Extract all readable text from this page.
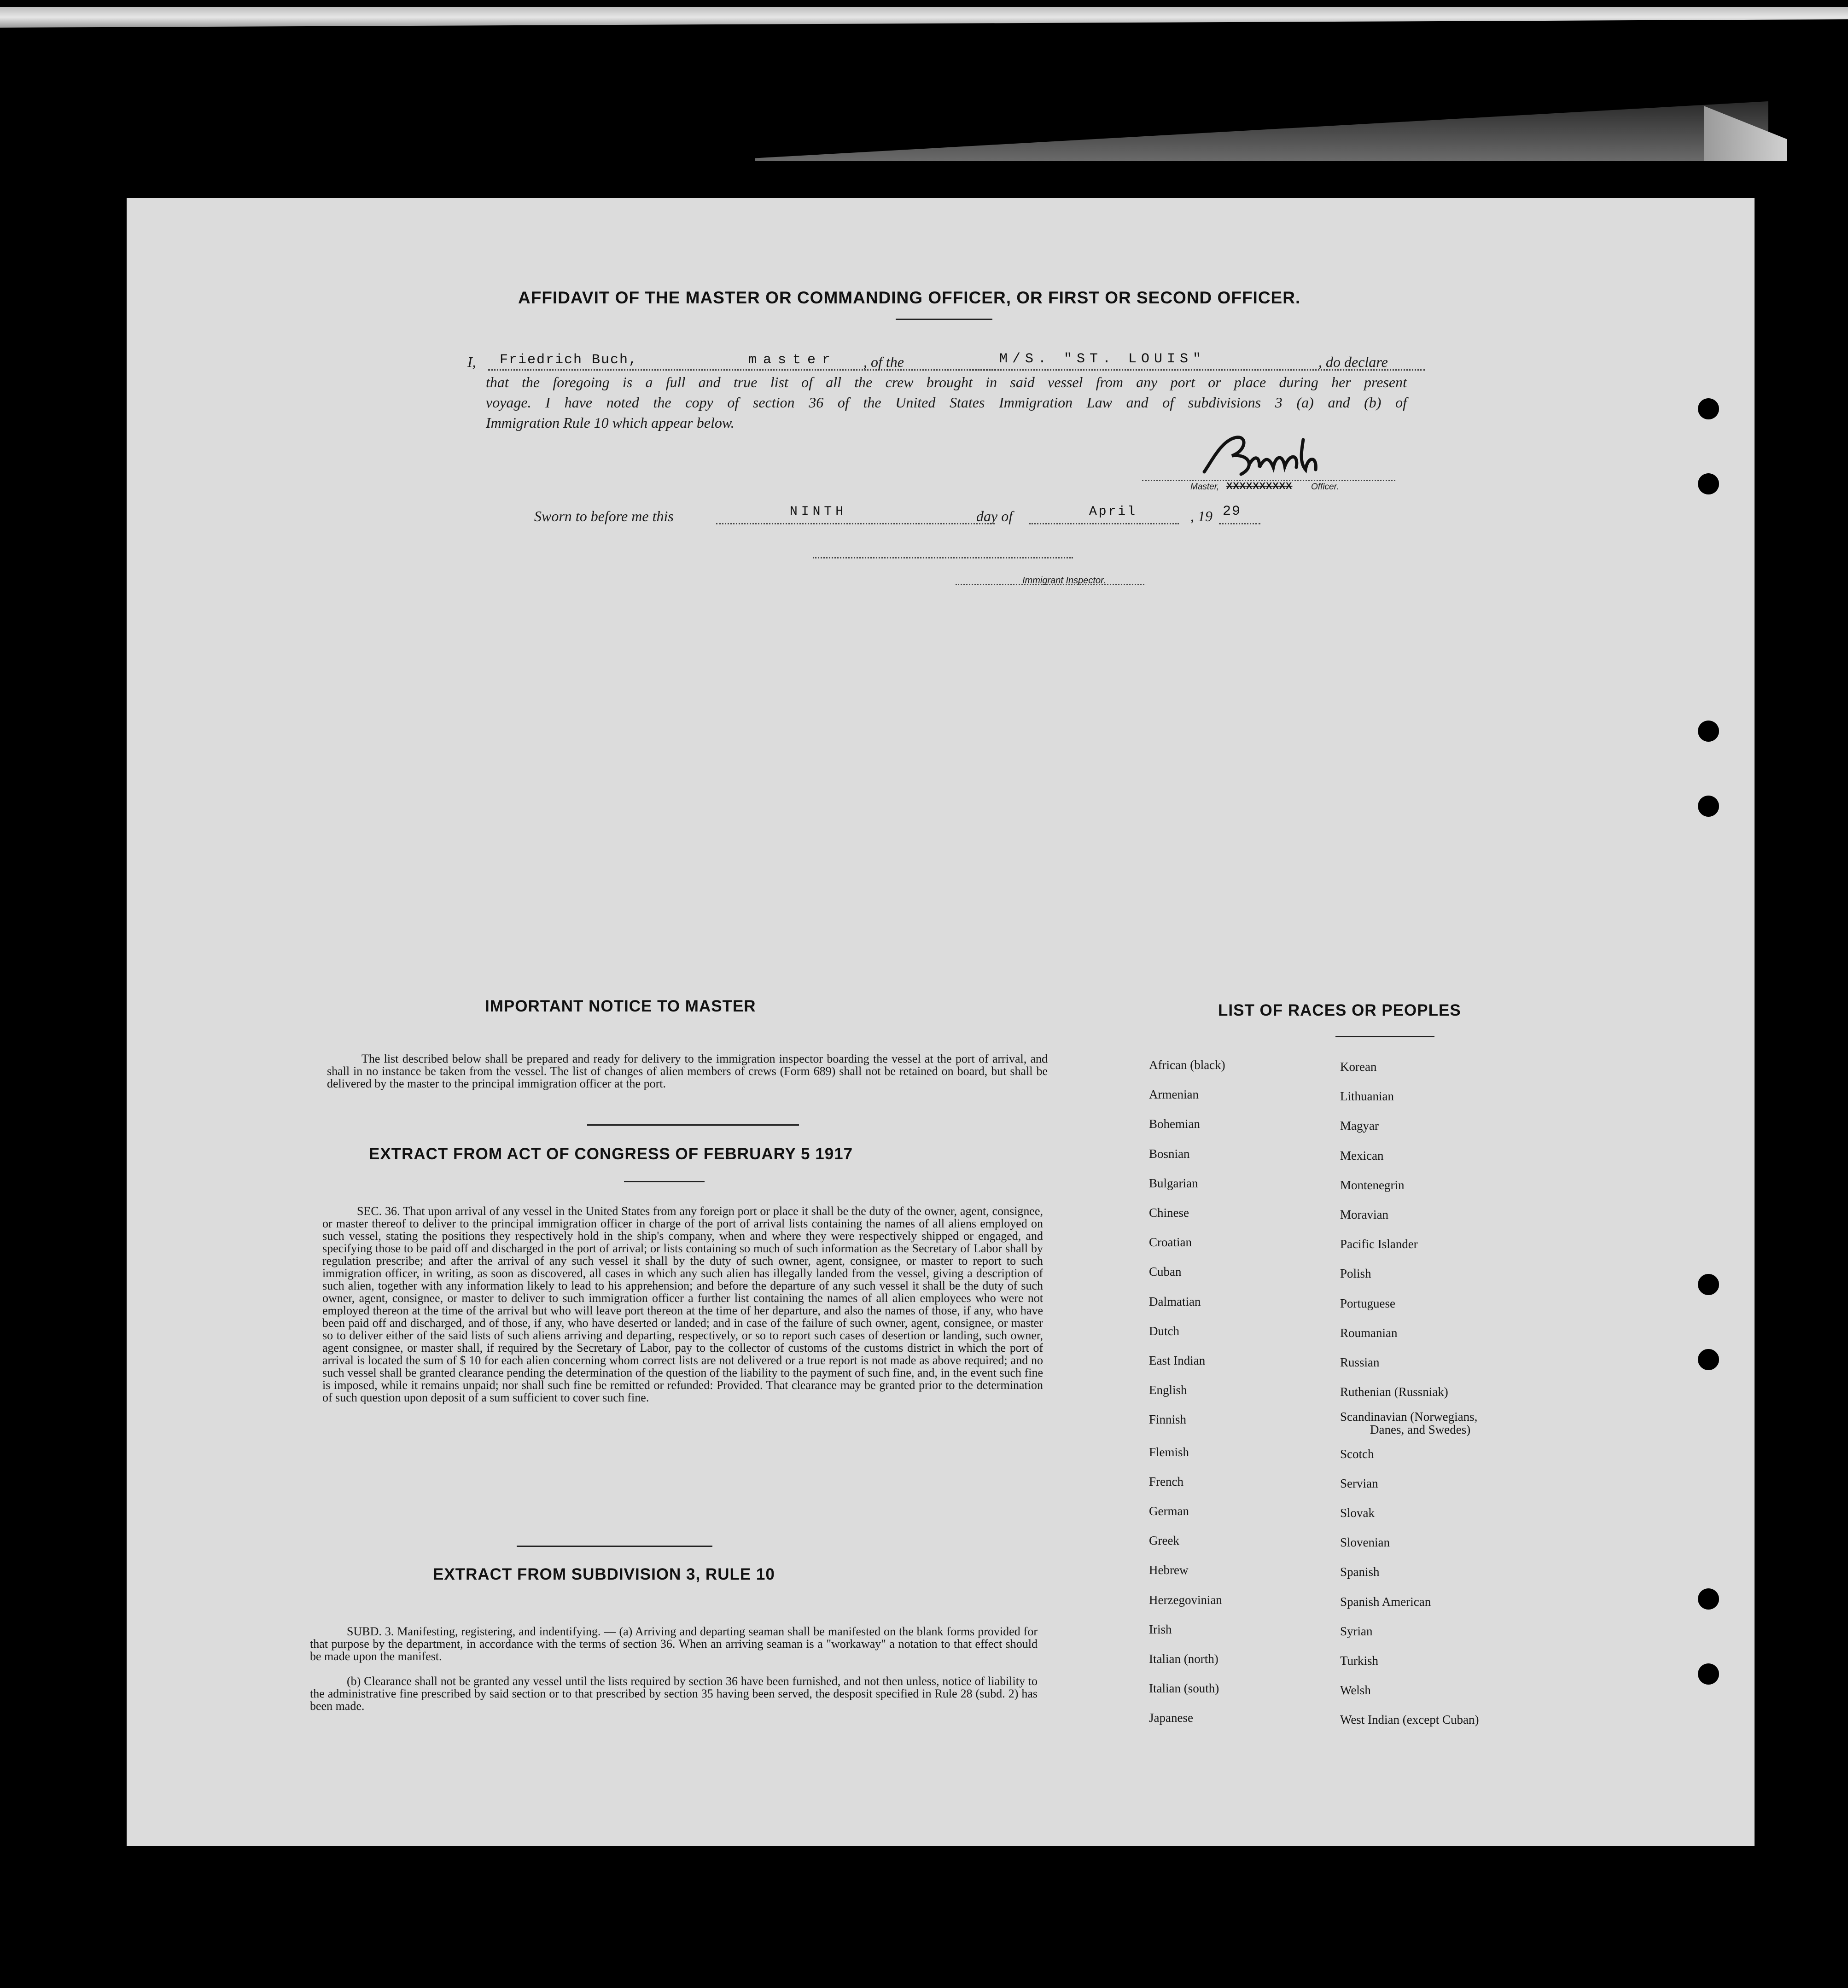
AFFIDAVIT OF THE MASTER OR COMMANDING OFFICER, OR FIRST OR SECOND OFFICER.
I, Friedrich Buch,	master , of the	M/S. "ST. LOUIS"	, do declare
that the foregoing is a full and true list of all the crew brought in said vessel from any port or place during her present
voyage. I have noted the copy of section 36 of the United States Immigration Law and of subdivisions 3 (a) and (b) of
Immigration Rule 10 which appear below.
Master, XXXXXXXXXX Officer.
Sworn to before me this	NINTH	day of	April	, 19 29
Immigrant Inspector.
IMPORTANT NOTICE TO MASTER
The list described below shall be prepared and ready for delivery to the immigration inspector boarding the vessel at the port of arrival, and shall in no instance be taken from the vessel. The list of changes of alien members of crews (Form 689) shall not be retained on board, but shall be delivered by the master to the principal immigration officer at the port.
EXTRACT FROM ACT OF CONGRESS OF FEBRUARY 5 1917
SEC. 36. That upon arrival of any vessel in the United States from any foreign port or place it shall be the duty of the owner, agent, consignee, or master thereof to deliver to the principal immigration officer in charge of the port of arrival lists containing the names of all aliens employed on such vessel, stating the positions they respectively hold in the ship's company, when and where they were respectively shipped or engaged, and specifying those to be paid off and discharged in the port of arrival; or lists containing so much of such information as the Secretary of Labor shall by regulation prescribe; and after the arrival of any such vessel it shall by the duty of such owner, agent, consignee, or master to report to such immigration officer, in writing, as soon as discovered, all cases in which any such alien has illegally landed from the vessel, giving a description of such alien, together with any information likely to lead to his apprehension; and before the departure of any such vessel it shall be the duty of such owner, agent, consignee, or master to deliver to such immigration officer a further list containing the names of all alien employees who were not employed thereon at the time of the arrival but who will leave port thereon at the time of her departure, and also the names of those, if any, who have been paid off and discharged, and of those, if any, who have deserted or landed; and in case of the failure of such owner, agent, consignee, or master so to deliver either of the said lists of such aliens arriving and departing, respectively, or so to report such cases of desertion or landing, such owner, agent consignee, or master shall, if required by the Secretary of Labor, pay to the collector of customs of the customs district in which the port of arrival is located the sum of $ 10 for each alien concerning whom correct lists are not delivered or a true report is not made as above required; and no such vessel shall be granted clearance pending the determination of the question of the liability to the payment of such fine, and, in the event such fine is imposed, while it remains unpaid; nor shall such fine be remitted or refunded: Provided. That clearance may be granted prior to the determination of such question upon deposit of a sum sufficient to cover such fine.
EXTRACT FROM SUBDIVISION 3, RULE 10
SUBD. 3. Manifesting, registering, and indentifying. — (a) Arriving and departing seaman shall be manifested on the blank forms provided for that purpose by the department, in accordance with the terms of section 36. When an arriving seaman is a "workaway" a notation to that effect should be made upon the manifest.
(b) Clearance shall not be granted any vessel until the lists required by section 36 have been furnished, and not then unless, notice of liability to the administrative fine prescribed by said section or to that prescribed by section 35 having been served, the desposit specified in Rule 28 (subd. 2) has been made.
LIST OF RACES OR PEOPLES
African (black)
Armenian
Bohemian
Bosnian
Bulgarian
Chinese
Croatian
Cuban
Dalmatian
Dutch
East Indian
English
Finnish
Flemish
French
German
Greek
Hebrew
Herzegovinian
Irish
Italian (north)
Italian (south)
Japanese
Korean
Lithuanian
Magyar
Mexican
Montenegrin
Moravian
Pacific Islander
Polish
Portuguese
Roumanian
Russian
Ruthenian (Russniak)
Scandinavian (Norwegians,
Danes, and Swedes)
Scotch
Servian
Slovak
Slovenian
Spanish
Spanish American
Syrian
Turkish
Welsh
West Indian (except Cuban)
